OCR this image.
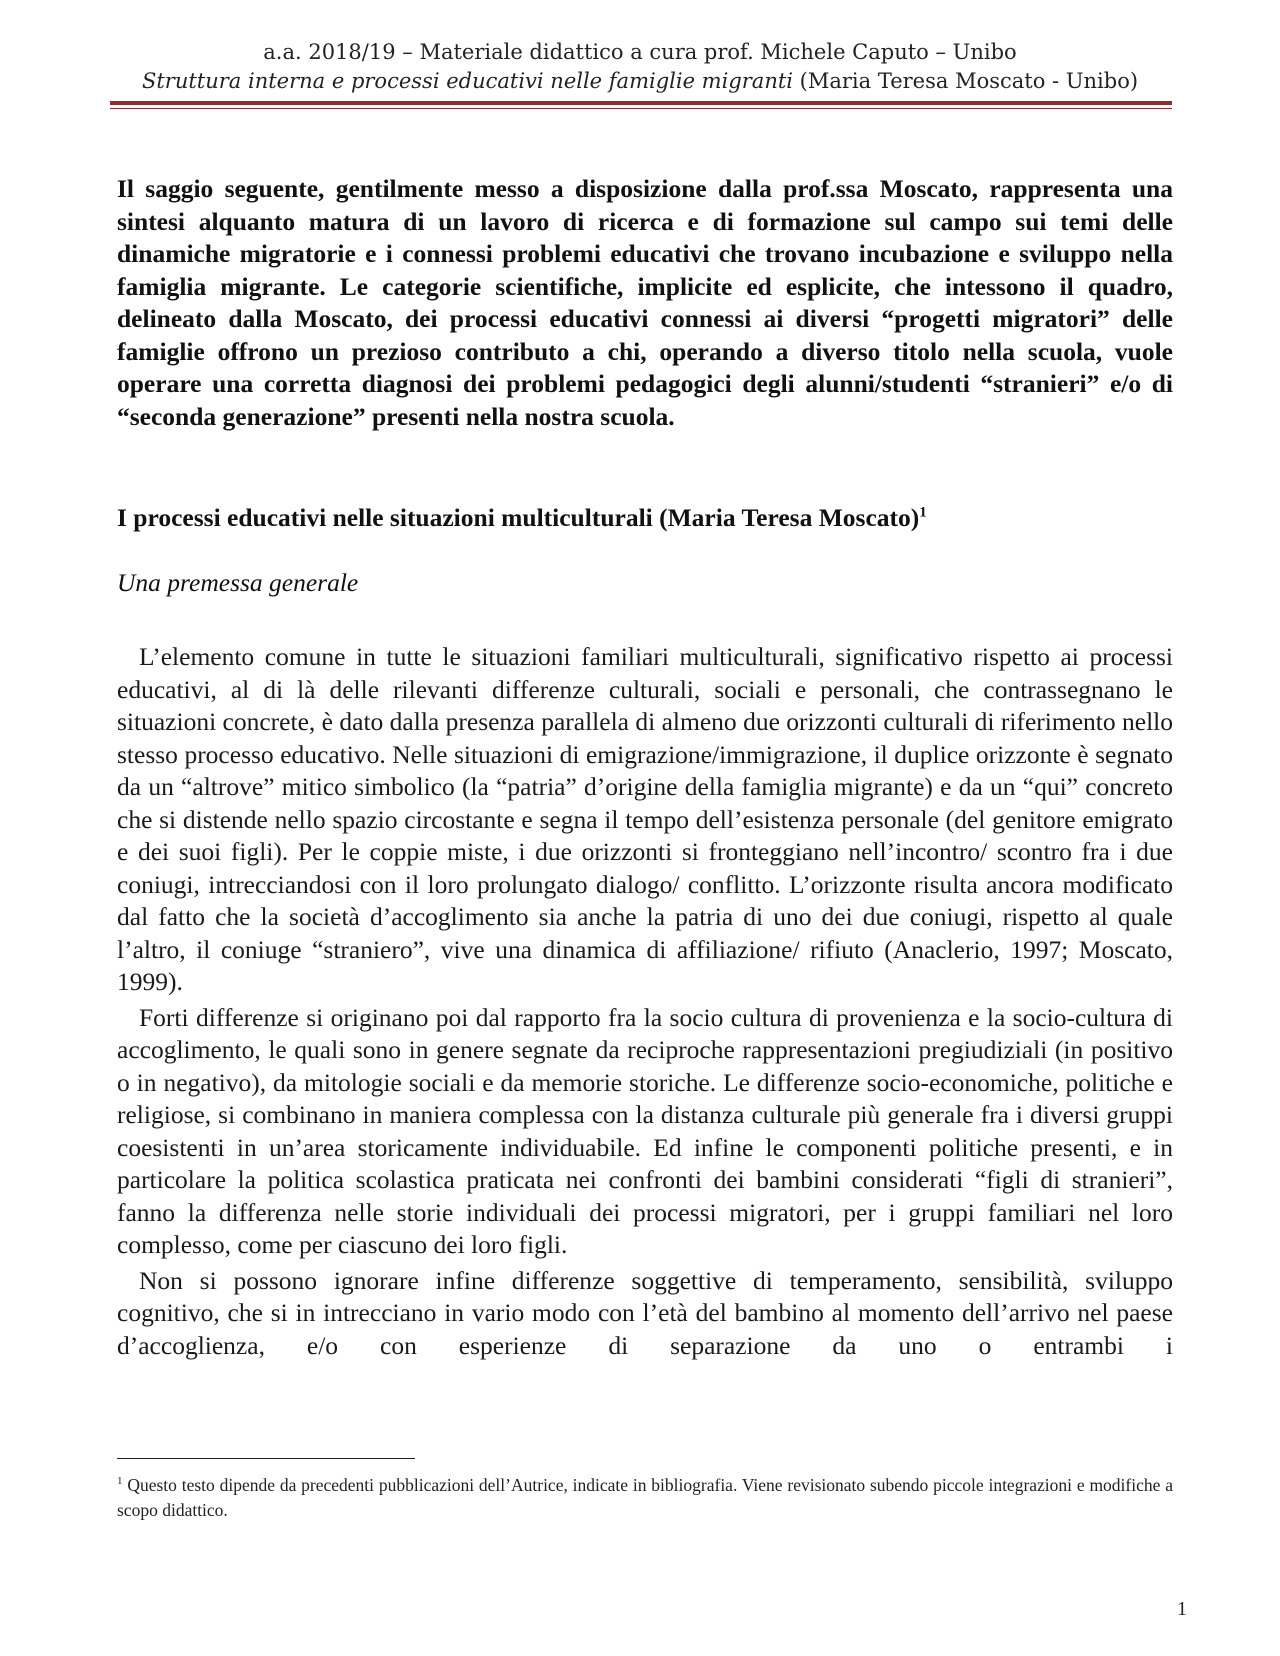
a.a. 2018/19 – Materiale didattico a cura prof. Michele Caputo – Unibo
Struttura interna e processi educativi nelle famiglie migranti (Maria Teresa Moscato - Unibo)
Il saggio seguente, gentilmente messo a disposizione dalla prof.ssa Moscato, rappresenta una sintesi alquanto matura di un lavoro di ricerca e di formazione sul campo sui temi delle dinamiche migratorie e i connessi problemi educativi che trovano incubazione e sviluppo nella famiglia migrante. Le categorie scientifiche, implicite ed esplicite, che intessono il quadro, delineato dalla Moscato, dei processi educativi connessi ai diversi “progetti migratori” delle famiglie offrono un prezioso contributo a chi, operando a diverso titolo nella scuola, vuole operare una corretta diagnosi dei problemi pedagogici degli alunni/studenti “stranieri” e/o di “seconda generazione” presenti nella nostra scuola.
I processi educativi nelle situazioni multiculturali (Maria Teresa Moscato)$^1$
Una premessa generale

L’elemento comune in tutte le situazioni familiari multiculturali, significativo rispetto ai processi educativi, al di là delle rilevanti differenze culturali, sociali e personali, che contrassegnano le situazioni concrete, è dato dalla presenza parallela di almeno due orizzonti culturali di riferimento nello stesso processo educativo. Nelle situazioni di emigrazione/immigrazione, il duplice orizzonte è segnato da un “altrove” mitico simbolico (la “patria” d’origine della famiglia migrante) e da un “qui” concreto che si distende nello spazio circostante e segna il tempo dell’esistenza personale (del genitore emigrato e dei suoi figli). Per le coppie miste, i due orizzonti si fronteggiano nell’incontro/ scontro fra i due coniugi, intrecciandosi con il loro prolungato dialogo/ conflitto. L’orizzonte risulta ancora modificato dal fatto che la società d’accoglimento sia anche la patria di uno dei due coniugi, rispetto al quale l’altro, il coniuge “straniero”, vive una dinamica di affiliazione/ rifiuto (Anaclerio, 1997; Moscato, 1999).

Forti differenze si originano poi dal rapporto fra la socio cultura di provenienza e la socio-cultura di accoglimento, le quali sono in genere segnate da reciproche rappresentazioni pregiudiziali (in positivo o in negativo), da mitologie sociali e da memorie storiche. Le differenze socio-economiche, politiche e religiose, si combinano in maniera complessa con la distanza culturale più generale fra i diversi gruppi coesistenti in un’area storicamente individuabile. Ed infine le componenti politiche presenti, e in particolare la politica scolastica praticata nei confronti dei bambini considerati “figli di stranieri”, fanno la differenza nelle storie individuali dei processi migratori, per i gruppi familiari nel loro complesso, come per ciascuno dei loro figli.

Non si possono ignorare infine differenze soggettive di temperamento, sensibilità, sviluppo cognitivo, che si in intrecciano in vario modo con l’età del bambino al momento dell’arrivo nel paese d’accoglienza, e/o con esperienze di separazione da uno o entrambi i

$^1$ Questo testo dipende da precedenti pubblicazioni dell’Autrice, indicate in bibliografia. Viene revisionato subendo piccole integrazioni e modifiche a scopo didattico.
1
